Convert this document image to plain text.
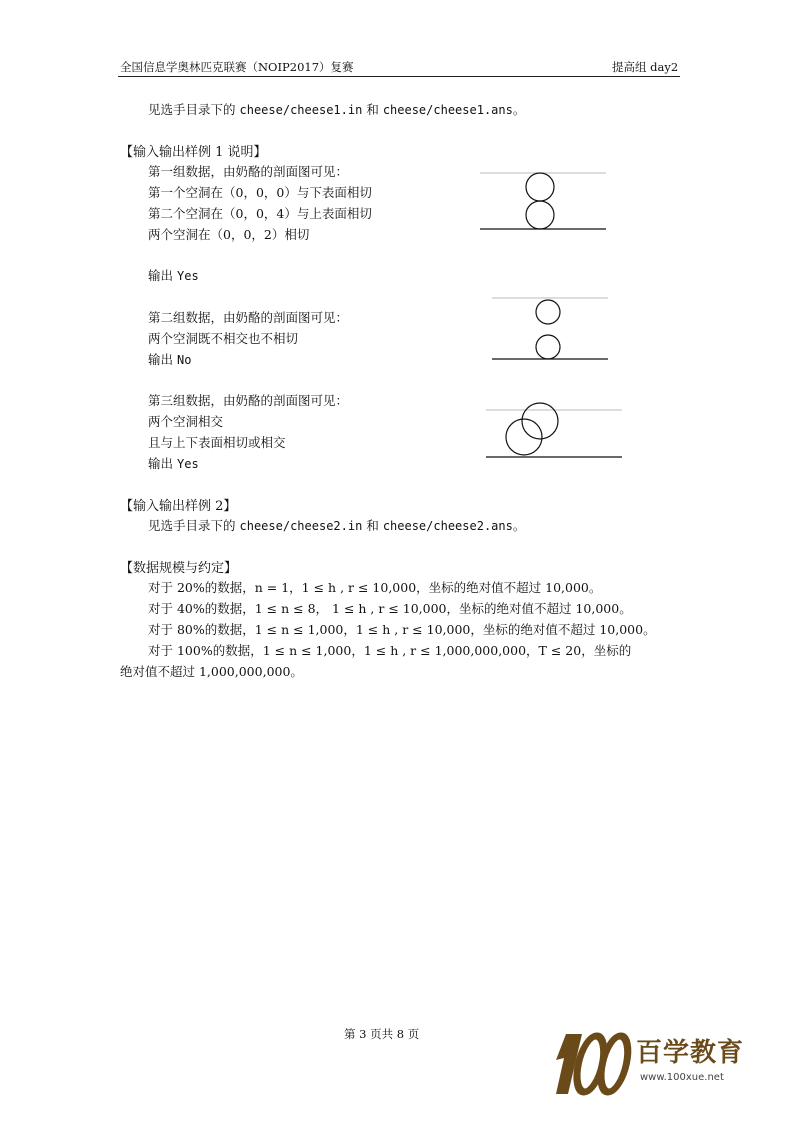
全国信息学奥林匹克联赛（NOIP2017）复赛	提高组 day2
见选手目录下的 cheese/cheese1.in 和 cheese/cheese1.ans。
【输入输出样例 1 说明】
第一组数据，由奶酪的剖面图可见：
第一个空洞在（0，0，0）与下表面相切
第二个空洞在（0，0，4）与上表面相切
两个空洞在（0，0，2）相切
输出 Yes
第二组数据，由奶酪的剖面图可见：
两个空洞既不相交也不相切
输出 No
第三组数据，由奶酪的剖面图可见：
两个空洞相交
且与上下表面相切或相交
输出 Yes
【输入输出样例 2】
见选手目录下的 cheese/cheese2.in 和 cheese/cheese2.ans。
【数据规模与约定】
对于 20%的数据，n = 1，1 ≤ h , r ≤ 10,000，坐标的绝对值不超过 10,000。
对于 40%的数据，1 ≤ n ≤ 8， 1 ≤ h , r ≤ 10,000，坐标的绝对值不超过 10,000。
对于 80%的数据，1 ≤ n ≤ 1,000，1 ≤ h , r ≤ 10,000，坐标的绝对值不超过 10,000。
对于 100%的数据，1 ≤ n ≤ 1,000，1 ≤ h , r ≤ 1,000,000,000，T ≤ 20，坐标的
绝对值不超过 1,000,000,000。
第 3 页共 8 页
百学教育
www.100xue.net
